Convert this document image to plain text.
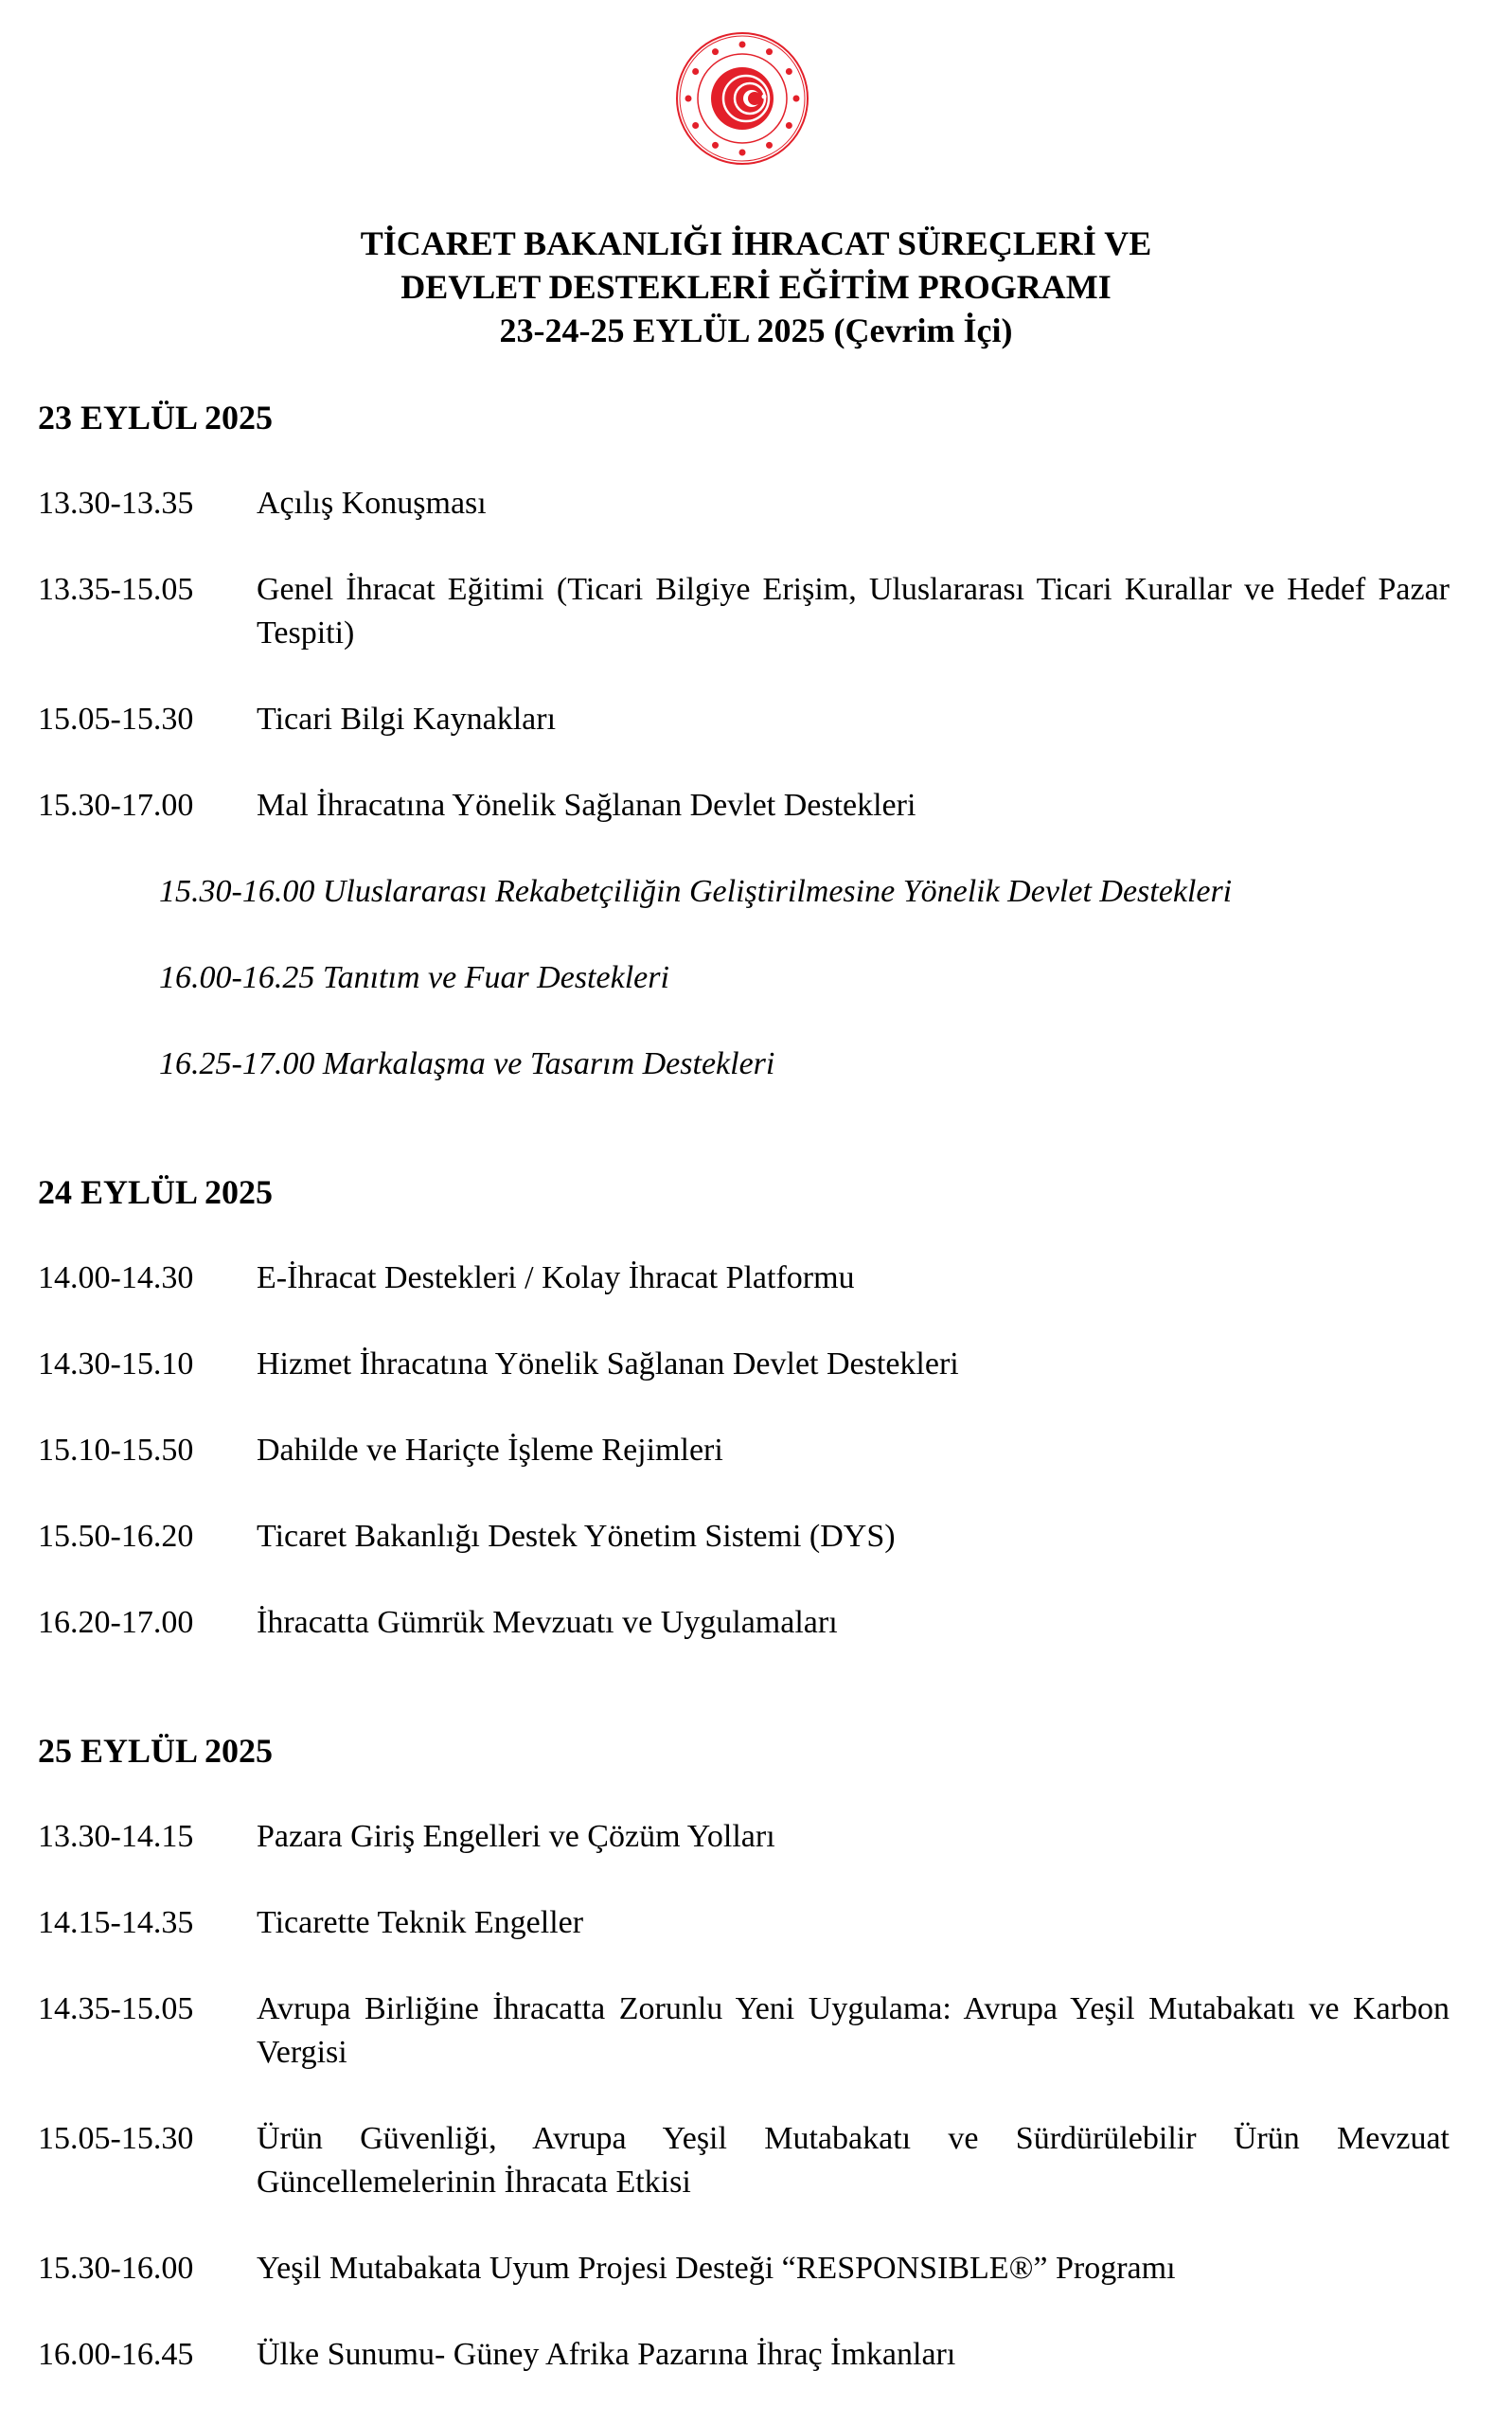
TİCARET BAKANLIĞI İHRACAT SÜREÇLERİ VE
DEVLET DESTEKLERİ EĞİTİM PROGRAMI
23-24-25 EYLÜL 2025 (Çevrim İçi)
23 EYLÜL 2025
13.30-13.35	Açılış Konuşması
13.35-15.05	Genel İhracat Eğitimi (Ticari Bilgiye Erişim, Uluslararası Ticari Kurallar ve Hedef Pazar Tespiti)
15.05-15.30	Ticari Bilgi Kaynakları
15.30-17.00	Mal İhracatına Yönelik Sağlanan Devlet Destekleri
15.30-16.00 Uluslararası Rekabetçiliğin Geliştirilmesine Yönelik Devlet Destekleri
16.00-16.25 Tanıtım ve Fuar Destekleri
16.25-17.00 Markalaşma ve Tasarım Destekleri
24 EYLÜL 2025
14.00-14.30	E-İhracat Destekleri / Kolay İhracat Platformu
14.30-15.10	Hizmet İhracatına Yönelik Sağlanan Devlet Destekleri
15.10-15.50	Dahilde ve Hariçte İşleme Rejimleri
15.50-16.20	Ticaret Bakanlığı Destek Yönetim Sistemi (DYS)
16.20-17.00	İhracatta Gümrük Mevzuatı ve Uygulamaları
25 EYLÜL 2025
13.30-14.15	Pazara Giriş Engelleri ve Çözüm Yolları
14.15-14.35	Ticarette Teknik Engeller
14.35-15.05	Avrupa Birliğine İhracatta Zorunlu Yeni Uygulama: Avrupa Yeşil Mutabakatı ve Karbon Vergisi
15.05-15.30	Ürün Güvenliği, Avrupa Yeşil Mutabakatı ve Sürdürülebilir Ürün Mevzuat Güncellemelerinin İhracata Etkisi
15.30-16.00	Yeşil Mutabakata Uyum Projesi Desteği “RESPONSIBLE®” Programı
16.00-16.45	Ülke Sunumu- Güney Afrika Pazarına İhraç İmkanları
